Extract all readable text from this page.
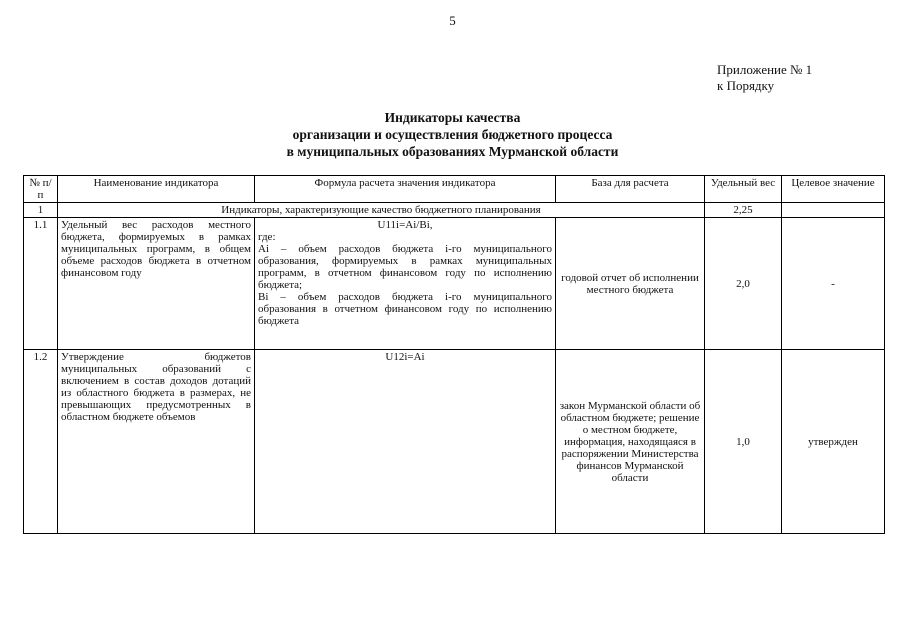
5
Приложение № 1
к Порядку
Индикаторы качества
организации и осуществления бюджетного процесса
в муниципальных образованиях Мурманской области
№ п/п	Наименование индикатора	Формула расчета значения индикатора	База для расчета	Удельный вес	Целевое значение
1	Индикаторы, характеризующие качество бюджетного планирования			2,25	
1.1	Удельный вес расходов местного бюджета, формируемых в рамках муниципальных программ, в общем объеме расходов бюджета в отчетном финансовом году	U11i=Ai/Bi,
где:
Ai – объем расходов бюджета i-го муниципального образования, формируемых в рамках муниципальных программ, в отчетном финансовом году по исполнению бюджета;
Bi – объем расходов бюджета i-го муниципального образования в отчетном финансовом году по исполнению бюджета	годовой отчет об исполнении местного бюджета	2,0	-
1.2	Утверждение бюджетов муниципальных образований с включением в состав доходов дотаций из областного бюджета в размерах, не превышающих предусмотренных в областном бюджете объемов	U12i=Ai	закон Мурманской области об областном бюджете; решение о местном бюджете, информация, находящаяся в распоряжении Министерства финансов Мурманской области	1,0	утвержден
